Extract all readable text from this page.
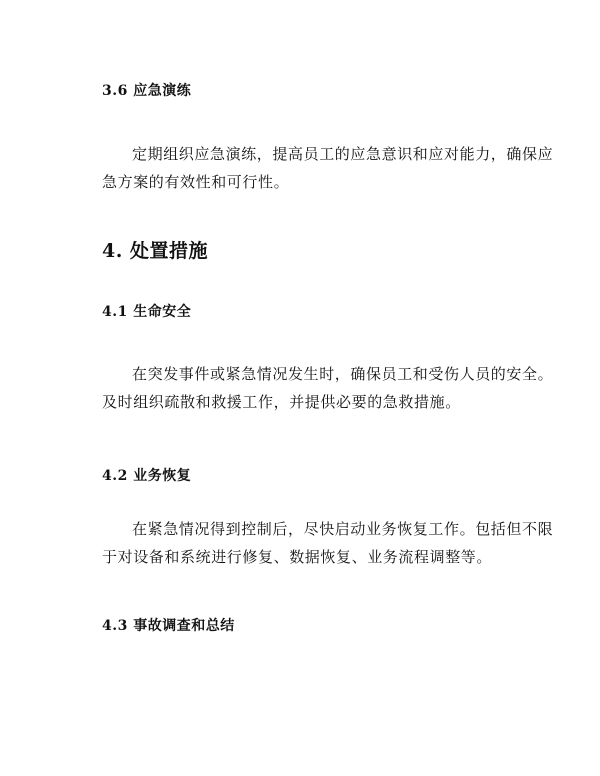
3.6 应急演练
定期组织应急演练，提高员工的应急意识和应对能力，确保应
急方案的有效性和可行性。
4. 处置措施
4.1 生命安全
在突发事件或紧急情况发生时，确保员工和受伤人员的安全。
及时组织疏散和救援工作，并提供必要的急救措施。
4.2 业务恢复
在紧急情况得到控制后，尽快启动业务恢复工作。包括但不限
于对设备和系统进行修复、数据恢复、业务流程调整等。
4.3 事故调查和总结
